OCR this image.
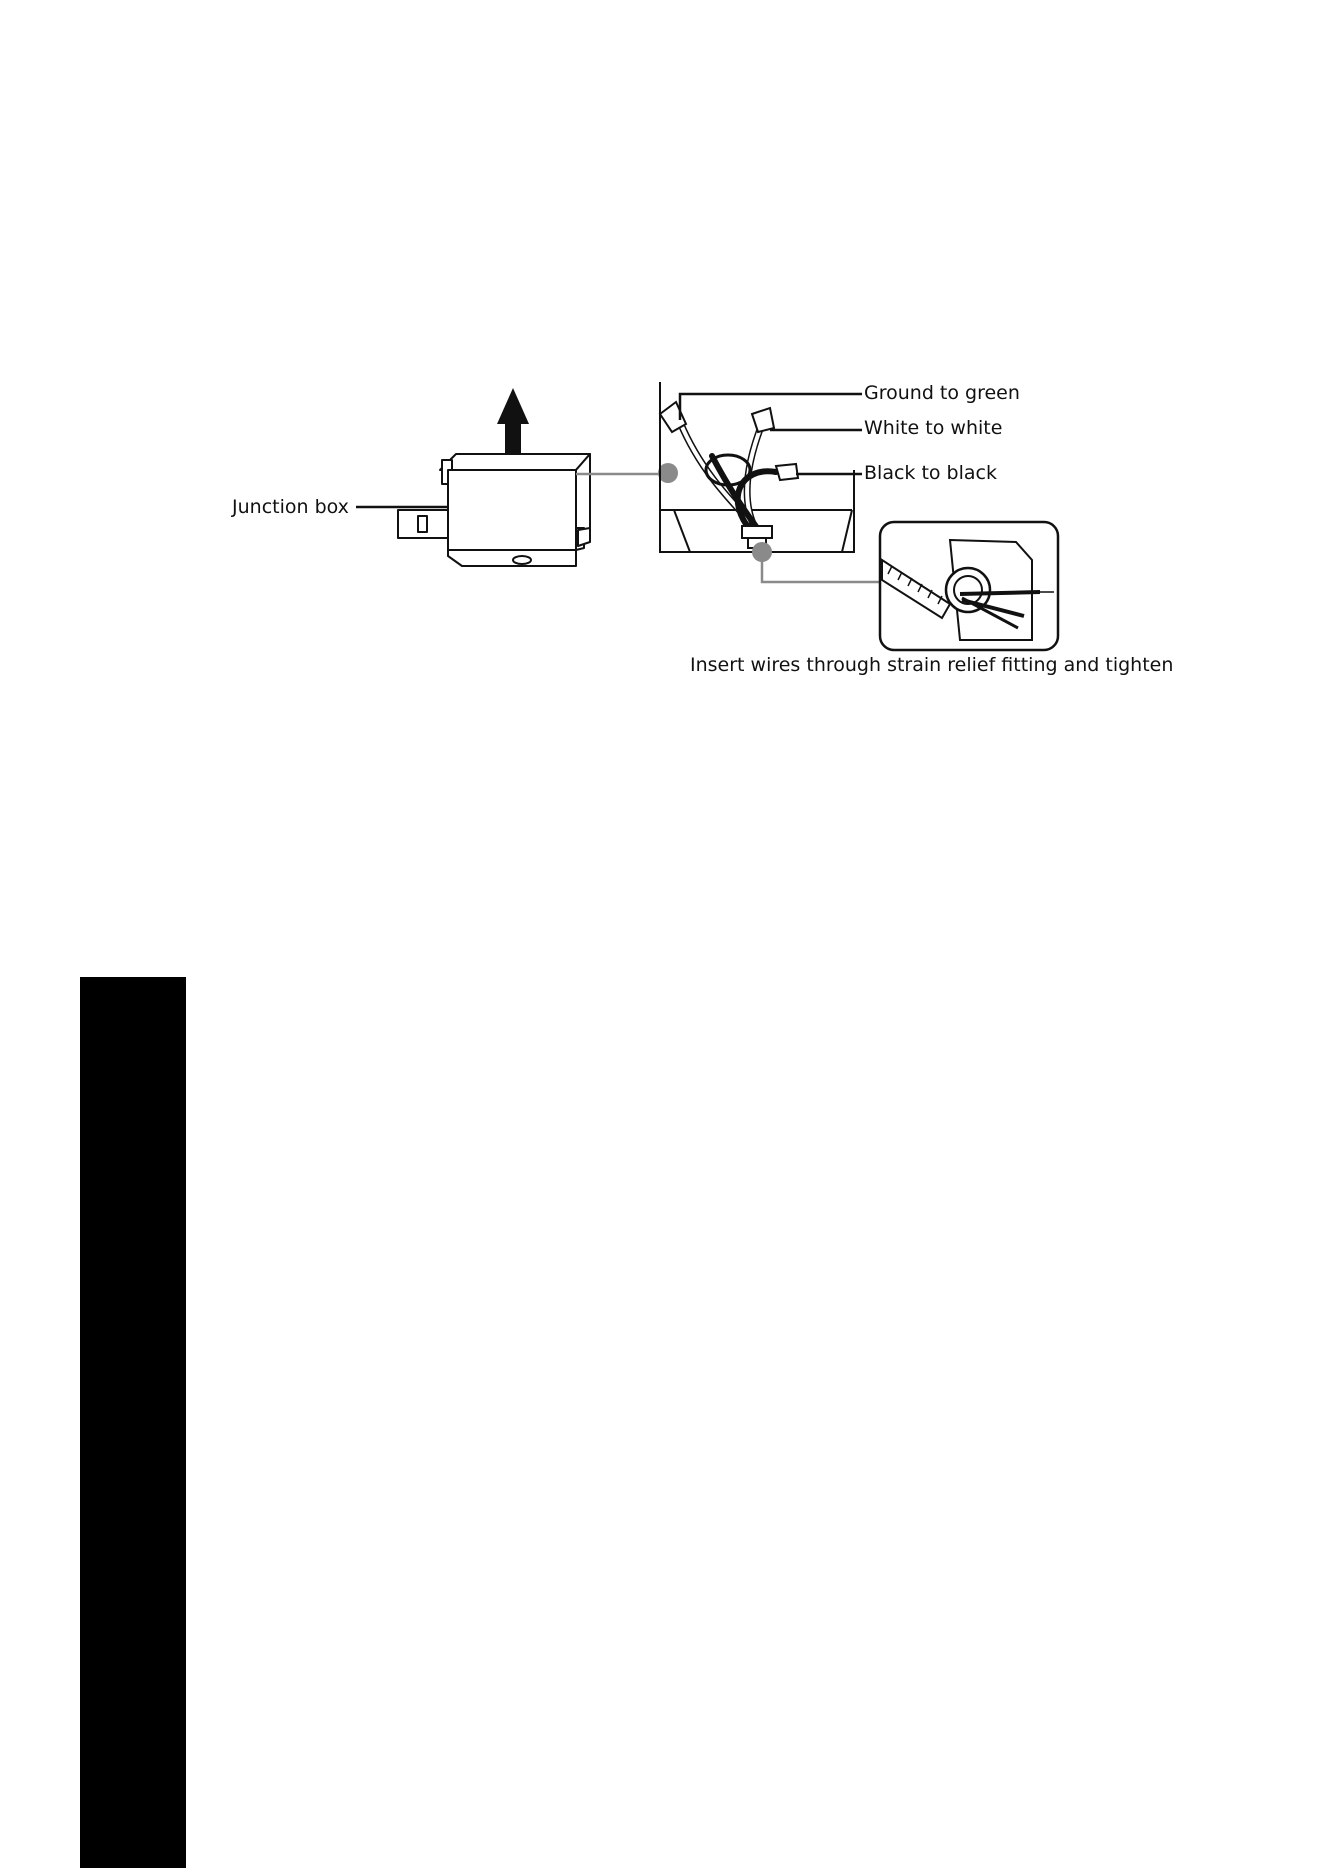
Junction box
Ground to green
White to white
Black to black
Insert wires through strain relief fitting and tighten
